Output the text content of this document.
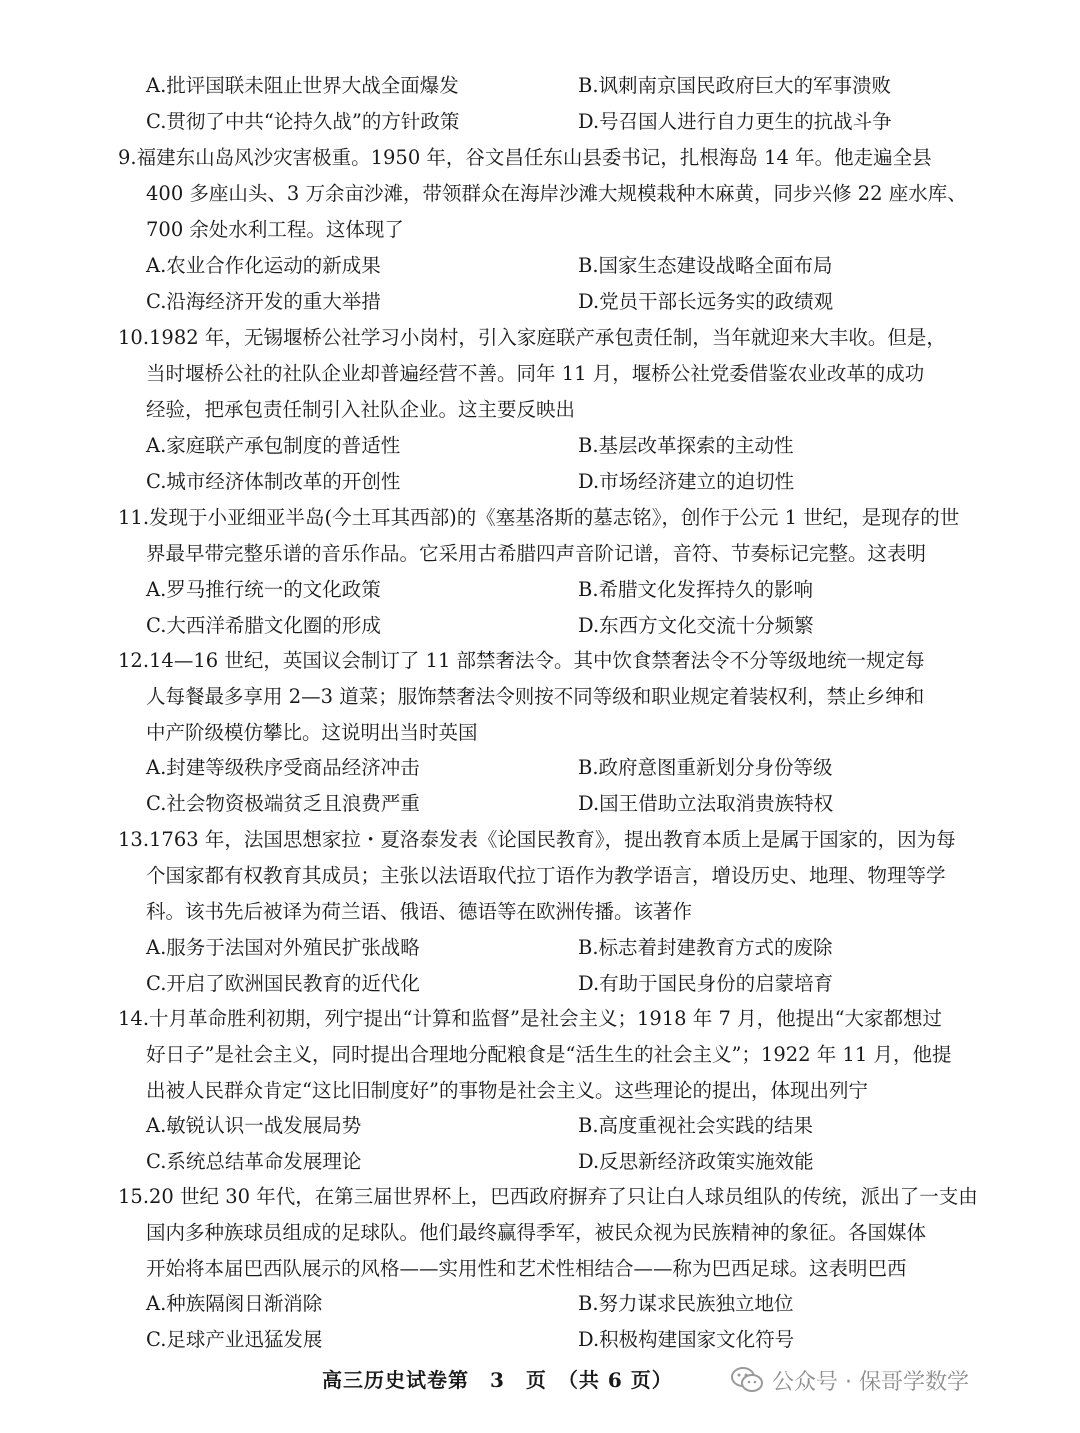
A.批评国联未阻止世界大战全面爆发	B.讽刺南京国民政府巨大的军事溃败
C.贯彻了中共“论持久战”的方针政策	D.号召国人进行自力更生的抗战斗争
9.福建东山岛风沙灾害极重。1950 年，谷文昌任东山县委书记，扎根海岛 14 年。他走遍全县
400 多座山头、3 万余亩沙滩，带领群众在海岸沙滩大规模栽种木麻黄，同步兴修 22 座水库、
700 余处水利工程。这体现了
A.农业合作化运动的新成果	B.国家生态建设战略全面布局
C.沿海经济开发的重大举措	D.党员干部长远务实的政绩观
10.1982 年，无锡堰桥公社学习小岗村，引入家庭联产承包责任制，当年就迎来大丰收。但是，
当时堰桥公社的社队企业却普遍经营不善。同年 11 月，堰桥公社党委借鉴农业改革的成功
经验，把承包责任制引入社队企业。这主要反映出
A.家庭联产承包制度的普适性	B.基层改革探索的主动性
C.城市经济体制改革的开创性	D.市场经济建立的迫切性
11.发现于小亚细亚半岛(今土耳其西部)的《塞基洛斯的墓志铭》，创作于公元 1 世纪，是现存的世
界最早带完整乐谱的音乐作品。它采用古希腊四声音阶记谱，音符、节奏标记完整。这表明
A.罗马推行统一的文化政策	B.希腊文化发挥持久的影响
C.大西洋希腊文化圈的形成	D.东西方文化交流十分频繁
12.14—16 世纪，英国议会制订了 11 部禁奢法令。其中饮食禁奢法令不分等级地统一规定每
人每餐最多享用 2—3 道菜；服饰禁奢法令则按不同等级和职业规定着装权利，禁止乡绅和
中产阶级模仿攀比。这说明出当时英国
A.封建等级秩序受商品经济冲击	B.政府意图重新划分身份等级
C.社会物资极端贫乏且浪费严重	D.国王借助立法取消贵族特权
13.1763 年，法国思想家拉・夏洛泰发表《论国民教育》，提出教育本质上是属于国家的，因为每
个国家都有权教育其成员；主张以法语取代拉丁语作为教学语言，增设历史、地理、物理等学
科。该书先后被译为荷兰语、俄语、德语等在欧洲传播。该著作
A.服务于法国对外殖民扩张战略	B.标志着封建教育方式的废除
C.开启了欧洲国民教育的近代化	D.有助于国民身份的启蒙培育
14.十月革命胜利初期，列宁提出“计算和监督”是社会主义；1918 年 7 月，他提出“大家都想过
好日子”是社会主义，同时提出合理地分配粮食是“活生生的社会主义”；1922 年 11 月，他提
出被人民群众肯定“这比旧制度好”的事物是社会主义。这些理论的提出，体现出列宁
A.敏锐认识一战发展局势	B.高度重视社会实践的结果
C.系统总结革命发展理论	D.反思新经济政策实施效能
15.20 世纪 30 年代，在第三届世界杯上，巴西政府摒弃了只让白人球员组队的传统，派出了一支由
国内多种族球员组成的足球队。他们最终赢得季军，被民众视为民族精神的象征。各国媒体
开始将本届巴西队展示的风格——实用性和艺术性相结合——称为巴西足球。这表明巴西
A.种族隔阂日渐消除	B.努力谋求民族独立地位
C.足球产业迅猛发展	D.积极构建国家文化符号
高三历史试卷第　3　页　（共 6 页）	公众号 · 保哥学数学
